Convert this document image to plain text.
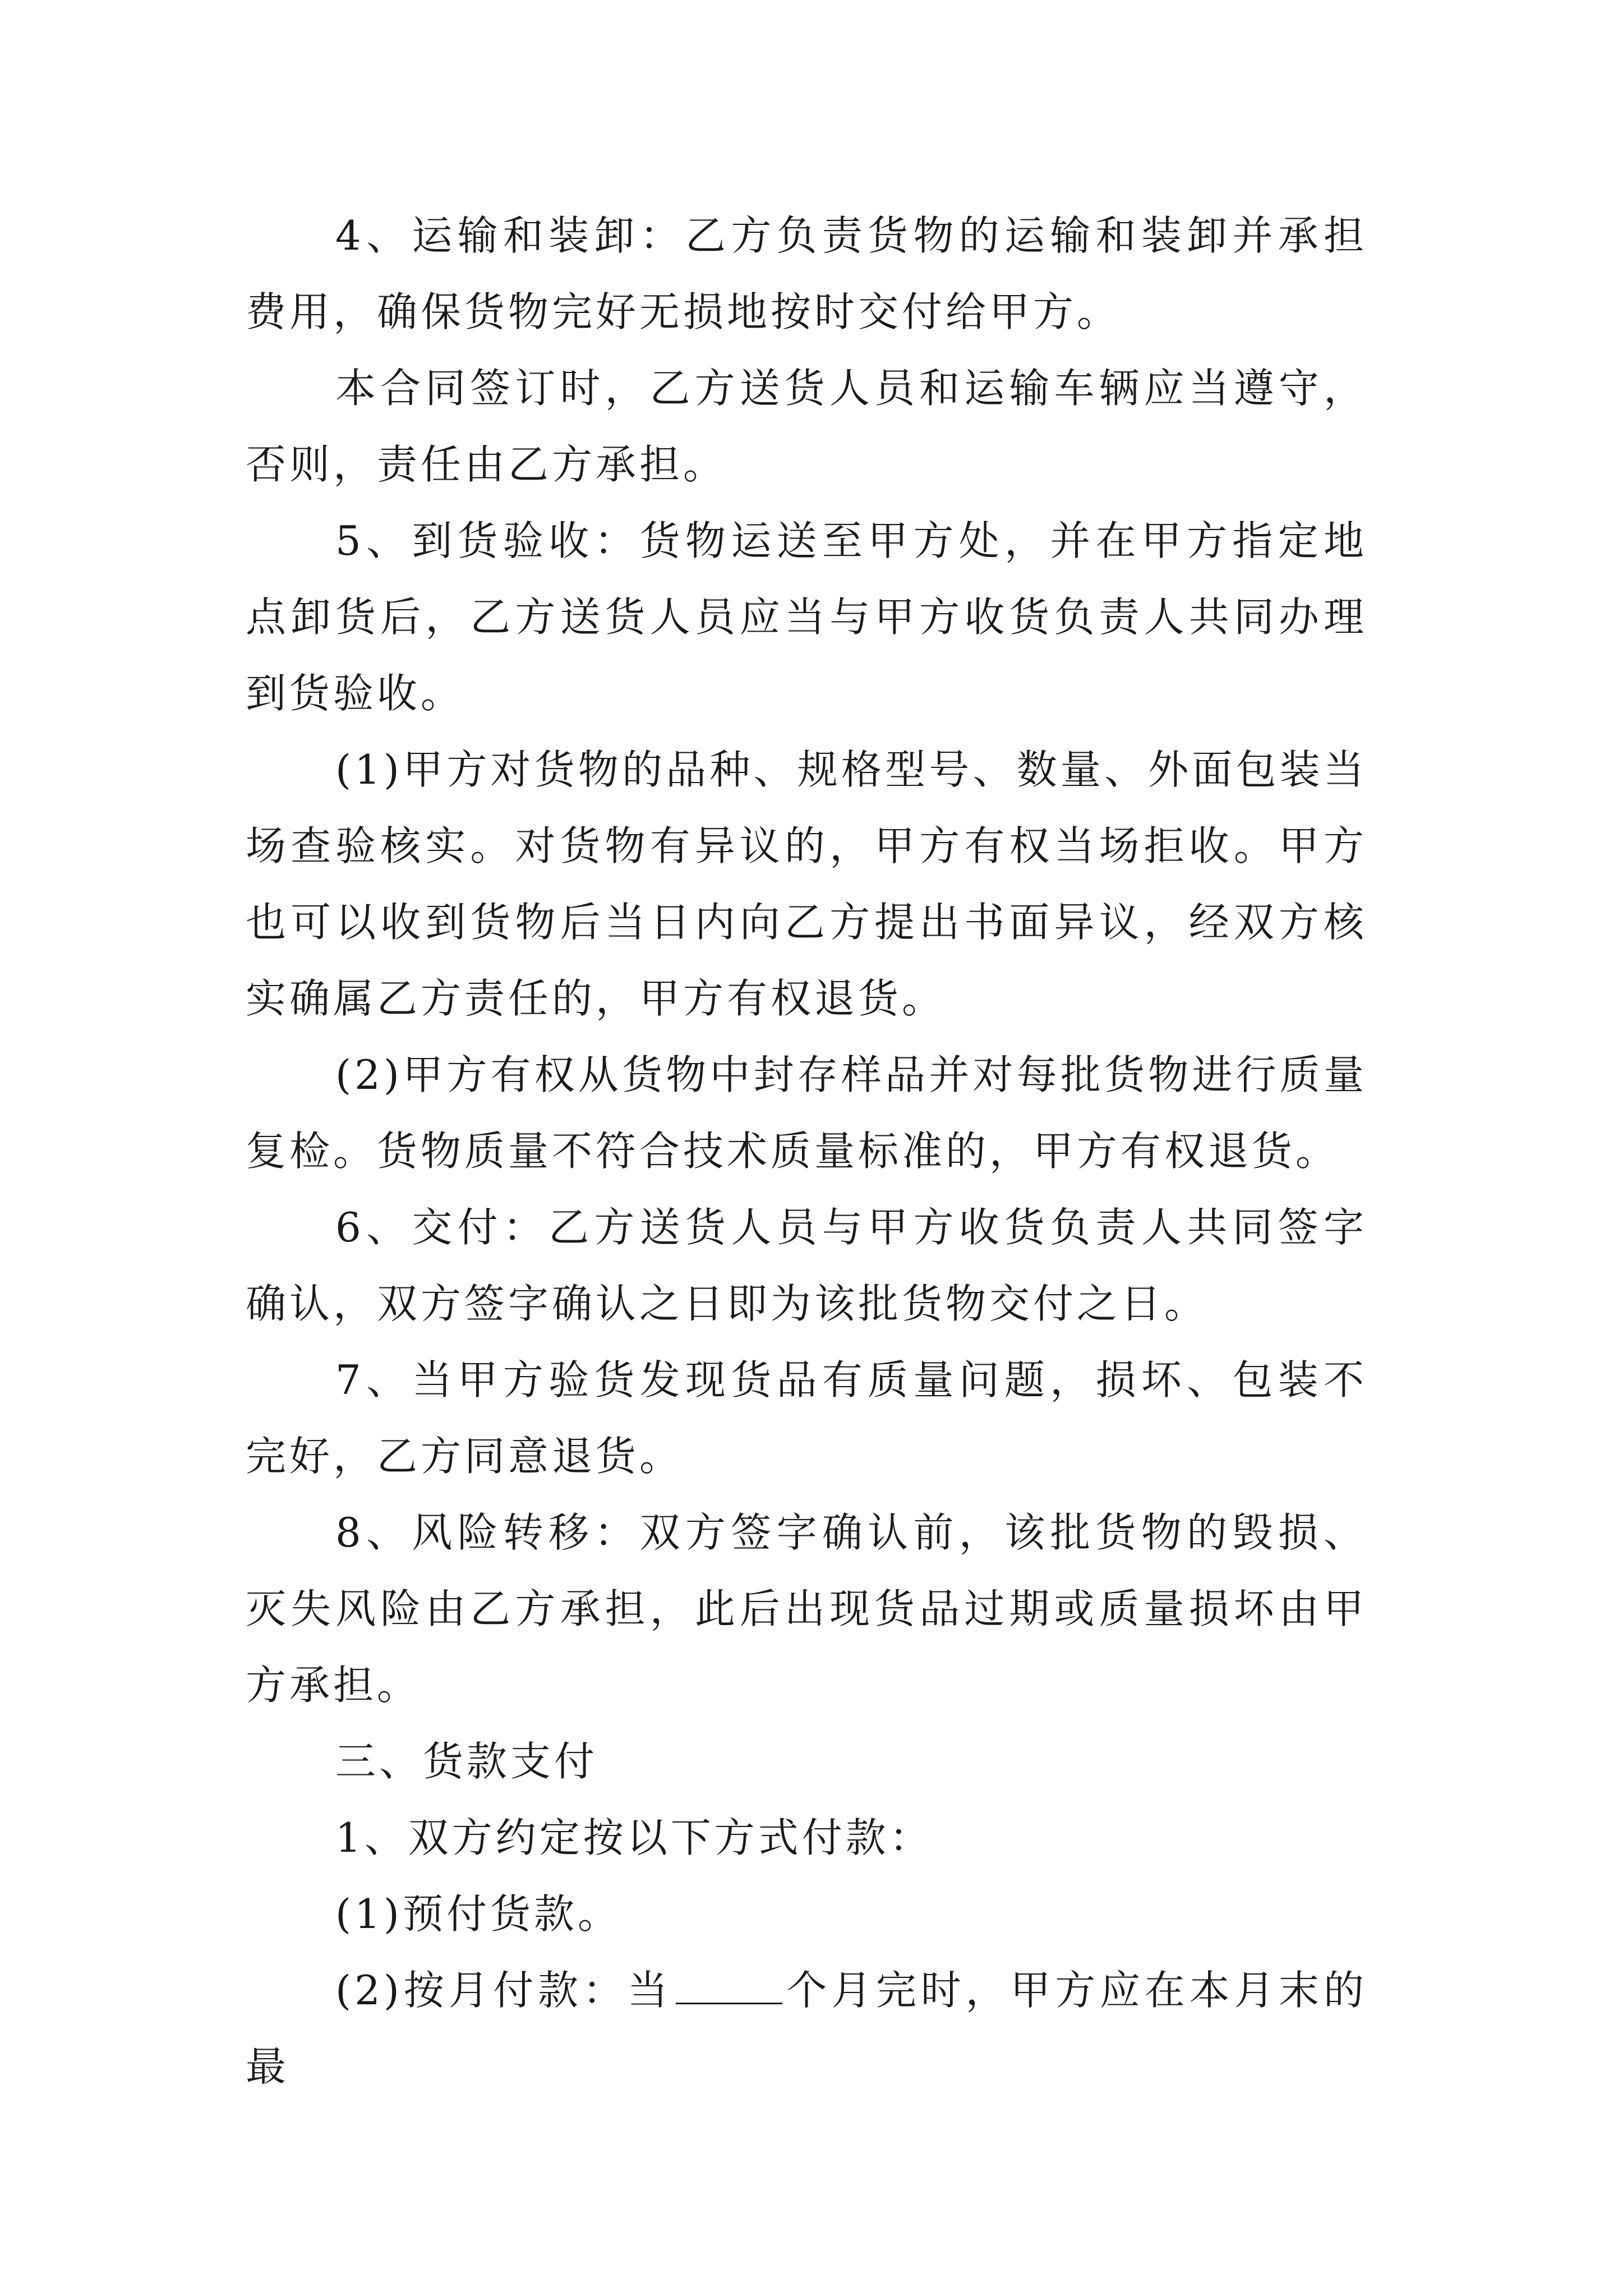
4、运输和装卸：乙方负责货物的运输和装卸并承担费用，确保货物完好无损地按时交付给甲方。

本合同签订时，乙方送货人员和运输车辆应当遵守，否则，责任由乙方承担。

5、到货验收：货物运送至甲方处，并在甲方指定地点卸货后，乙方送货人员应当与甲方收货负责人共同办理到货验收。

(1)甲方对货物的品种、规格型号、数量、外面包装当场查验核实。对货物有异议的，甲方有权当场拒收。甲方也可以收到货物后当日内向乙方提出书面异议，经双方核实确属乙方责任的，甲方有权退货。

(2)甲方有权从货物中封存样品并对每批货物进行质量复检。货物质量不符合技术质量标准的，甲方有权退货。

6、交付：乙方送货人员与甲方收货负责人共同签字确认，双方签字确认之日即为该批货物交付之日。

7、当甲方验货发现货品有质量问题，损坏、包装不完好，乙方同意退货。

8、风险转移：双方签字确认前，该批货物的毁损、灭失风险由乙方承担，此后出现货品过期或质量损坏由甲方承担。

三、货款支付

1、双方约定按以下方式付款：

(1)预付货款。

(2)按月付款：当	个月完时，甲方应在本月末的最
